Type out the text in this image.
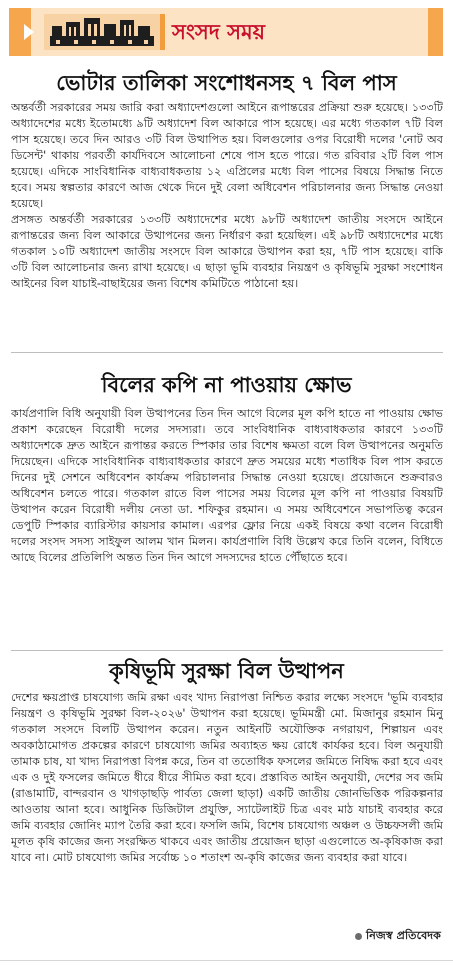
সংসদ সময়
ভোটার তালিকা সংশোধনসহ ৭ বিল পাস

অন্তর্বর্তী সরকারের সময় জারি করা অধ্যাদেশগুলো আইনে রূপান্তরের প্রক্রিয়া শুরু হয়েছে। ১৩৩টি অধ্যাদেশের মধ্যে ইতোমধ্যে ৯টি অধ্যাদেশ বিল আকারে পাস হয়েছে। এর মধ্যে গতকাল ৭টি বিল পাস হয়েছে। তবে দিন আরও ৩টি বিল উত্থাপিত হয়। বিলগুলোর ওপর বিরোধী দলের 'নোট অব ডিসেন্ট' থাকায় পরবর্তী কার্যদিবসে আলোচনা শেষে পাস হতে পারে। গত রবিবার ২টি বিল পাস হয়েছে। এদিকে সাংবিধানিক বাধ্যবাধকতায় ১২ এপ্রিলের মধ্যে বিল পাসের বিষয়ে সিদ্ধান্ত নিতে হবে। সময় স্বল্পতার কারণে আজ থেকে দিনে দুই বেলা অধিবেশন পরিচালনার জন্য সিদ্ধান্ত নেওয়া হয়েছে।

প্রসঙ্গত অন্তর্বর্তী সরকারের ১৩৩টি অধ্যাদেশের মধ্যে ৯৮টি অধ্যাদেশ জাতীয় সংসদে আইনে রূপান্তরের জন্য বিল আকারে উত্থাপনের জন্য নির্ধারণ করা হয়েছিল। এই ৯৮টি অধ্যাদেশের মধ্যে গতকাল ১০টি অধ্যাদেশ জাতীয় সংসদে বিল আকারে উত্থাপন করা হয়, ৭টি পাস হয়েছে। বাকি ৩টি বিল আলোচনার জন্য রাখা হয়েছে। এ ছাড়া ভূমি ব্যবহার নিয়ন্ত্রণ ও কৃষিভূমি সুরক্ষা সংশোধন আইনের বিল যাচাই-বাছাইয়ের জন্য বিশেষ কমিটিতে পাঠানো হয়।

বিলের কপি না পাওয়ায় ক্ষোভ

কার্যপ্রণালি বিধি অনুযায়ী বিল উত্থাপনের তিন দিন আগে বিলের মূল কপি হাতে না পাওয়ায় ক্ষোভ প্রকাশ করেছেন বিরোধী দলের সদস্যরা। তবে সাংবিধানিক বাধ্যবাধকতার কারণে ১৩৩টি অধ্যাদেশকে দ্রুত আইনে রূপান্তর করতে স্পিকার তার বিশেষ ক্ষমতা বলে বিল উত্থাপনের অনুমতি দিয়েছেন। এদিকে সাংবিধানিক বাধ্যবাধকতার কারণে দ্রুত সময়ের মধ্যে শতাধিক বিল পাস করতে দিনের দুই সেশনে অধিবেশন কার্যক্রম পরিচালনার সিদ্ধান্ত নেওয়া হয়েছে। প্রয়োজনে শুক্রবারও অধিবেশন চলতে পারে। গতকাল রাতে বিল পাসের সময় বিলের মূল কপি না পাওয়ার বিষয়টি উত্থাপন করেন বিরোধী দলীয় নেতা ডা. শফিকুর রহমান। এ সময় অধিবেশনে সভাপতিত্ব করেন ডেপুটি স্পিকার ব্যারিস্টার কায়সার কামাল। এরপর ফ্লোর নিয়ে একই বিষয়ে কথা বলেন বিরোধী দলের সংসদ সদস্য সাইফুল আলম খান মিলন। কার্যপ্রণালি বিধি উল্লেখ করে তিনি বলেন, বিধিতে আছে বিলের প্রতিলিপি অন্তত তিন দিন আগে সদস্যদের হাতে পৌঁছাতে হবে।

কৃষিভূমি সুরক্ষা বিল উত্থাপন

দেশের ক্ষয়প্রাপ্ত চাষযোগ্য জমি রক্ষা এবং খাদ্য নিরাপত্তা নিশ্চিত করার লক্ষ্যে সংসদে 'ভূমি ব্যবহার নিয়ন্ত্রণ ও কৃষিভূমি সুরক্ষা বিল-২০২৬' উত্থাপন করা হয়েছে। ভূমিমন্ত্রী মো. মিজানুর রহমান মিনু গতকাল সংসদে বিলটি উত্থাপন করেন। নতুন আইনটি অযৌক্তিক নগরায়ণ, শিল্পায়ন এবং অবকাঠামোগত প্রকল্পের কারণে চাষযোগ্য জমির অব্যাহত ক্ষয় রোধে কার্যকর হবে। বিল অনুযায়ী তামাক চাষ, যা খাদ্য নিরাপত্তা বিপন্ন করে, তিন বা ততোধিক ফসলের জমিতে নিষিদ্ধ করা হবে এবং এক ও দুই ফসলের জমিতে ধীরে ধীরে সীমিত করা হবে। প্রস্তাবিত আইন অনুযায়ী, দেশের সব জমি (রাঙামাটি, বান্দরবান ও খাগড়াছড়ি পার্বত্য জেলা ছাড়া) একটি জাতীয় জোনভিত্তিক পরিকল্পনার আওতায় আনা হবে। আধুনিক ডিজিটাল প্রযুক্তি, স্যাটেলাইট চিত্র এবং মাঠ যাচাই ব্যবহার করে জমি ব্যবহার জোনিং ম্যাপ তৈরি করা হবে। ফসলি জমি, বিশেষ চাষযোগ্য অঞ্চল ও উচ্চফসলী জমি মূলত কৃষি কাজের জন্য সংরক্ষিত থাকবে এবং জাতীয় প্রয়োজন ছাড়া এগুলোতে অ-কৃষিকাজ করা যাবে না। মোট চাষযোগ্য জমির সর্বোচ্চ ১০ শতাংশ অ-কৃষি কাজের জন্য ব্যবহার করা যাবে।

নিজস্ব প্রতিবেদক
